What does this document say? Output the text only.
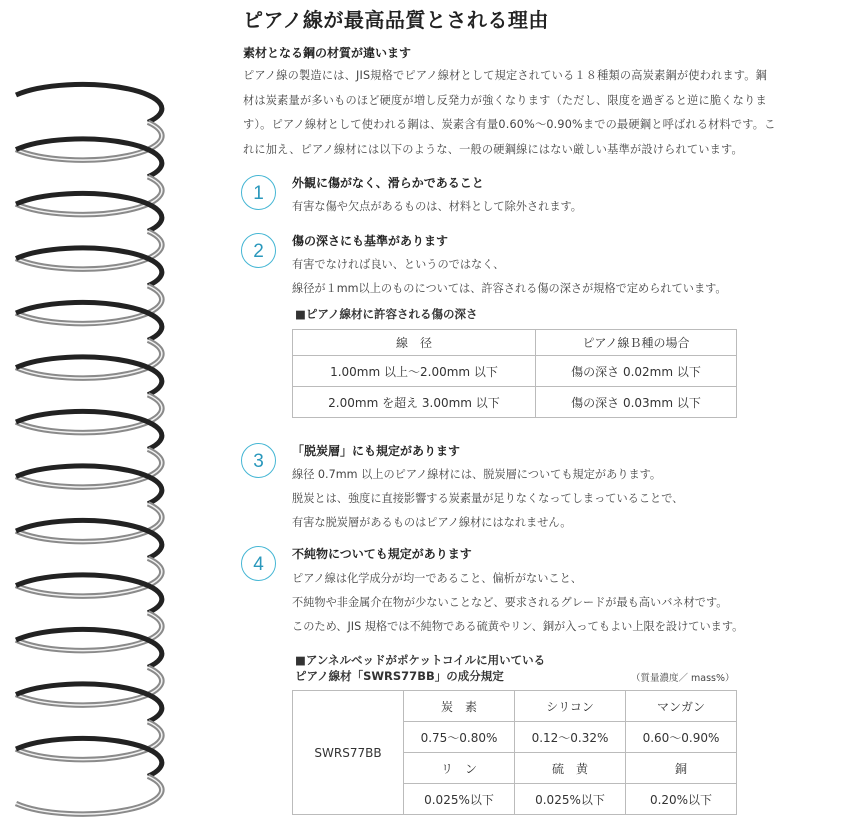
ピアノ線が最高品質とされる理由
素材となる鋼の材質が違います

ピアノ線の製造には、JIS規格でピアノ線材として規定されている１８種類の高炭素鋼が使われます。鋼
材は炭素量が多いものほど硬度が増し反発力が強くなります（ただし、限度を過ぎると逆に脆くなりま
す）。ピアノ線材として使われる鋼は、炭素含有量0.60%〜0.90%までの最硬鋼と呼ばれる材料です。こ
れに加え、ピアノ線材には以下のような、一般の硬鋼線にはない厳しい基準が設けられています。

1	外観に傷がなく、滑らかであること
有害な傷や欠点があるものは、材料として除外されます。
2	傷の深さにも基準があります
有害でなければ良い、というのではなく、
線径が１mm以上のものについては、許容される傷の深さが規格で定められています。
■ピアノ線材に許容される傷の深さ
線　径	ピアノ線Ｂ種の場合
1.00mm 以上〜2.00mm 以下	傷の深さ 0.02mm 以下
2.00mm を超え 3.00mm 以下	傷の深さ 0.03mm 以下
3	「脱炭層」にも規定があります
線径 0.7mm 以上のピアノ線材には、脱炭層についても規定があります。
脱炭とは、強度に直接影響する炭素量が足りなくなってしまっていることで、
有害な脱炭層があるものはピアノ線材にはなれません。
4	不純物についても規定があります
ピアノ線は化学成分が均一であること、偏析がないこと、
不純物や非金属介在物が少ないことなど、要求されるグレードが最も高いバネ材です。
このため、JIS 規格では不純物である硫黄やリン、銅が入ってもよい上限を設けています。
■アンネルベッドがポケットコイルに用いている
ピアノ線材「SWRS77BB」の成分規定	（質量濃度／ mass%）
SWRS77BB	炭　素	シリコン	マンガン
	0.75〜0.80%	0.12〜0.32%	0.60〜0.90%
	リ　ン	硫　黄	銅
	0.025%以下	0.025%以下	0.20%以下
